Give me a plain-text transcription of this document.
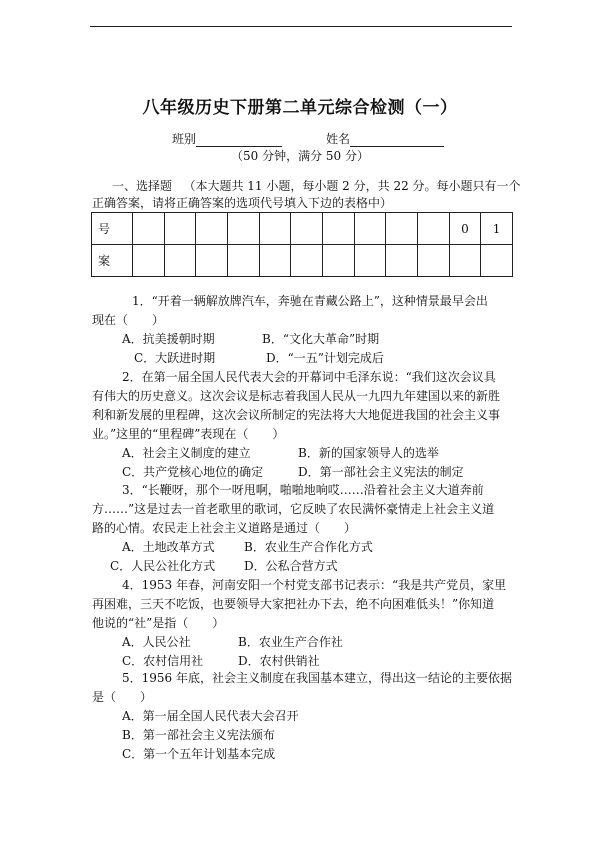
八年级历史下册第二单元综合检测（一）
班别	姓名
（50 分钟，满分 50 分）
一、选择题 （本大题共 11 小题，每小题 2 分，共 22 分。每小题只有一个正确答案，请将正确答案的选项代号填入下边的表格中）
号											0	1
案												

1．“开着一辆解放牌汽车，奔驰在青藏公路上”，这种情景最早会出

现在（　　）

A．抗美援朝时期	B．“文化大革命”时期

C．大跃进时期	D．“一五”计划完成后

2．在第一届全国人民代表大会的开幕词中毛泽东说：“我们这次会议具

有伟大的历史意义。这次会议是标志着我国人民从一九四九年建国以来的新胜

利和新发展的里程碑，这次会议所制定的宪法将大大地促进我国的社会主义事

业。”这里的“里程碑”表现在（　　）

A．社会主义制度的建立	B．新的国家领导人的选举

C．共产党核心地位的确定	D．第一部社会主义宪法的制定

3．“长鞭呀，那个一呀甩啊，啪啪地响哎……沿着社会主义大道奔前

方……”这是过去一首老歌里的歌词，它反映了农民满怀豪情走上社会主义道

路的心情。农民走上社会主义道路是通过（　　）

A．土地改革方式 B．农业生产合作化方式

C．人民公社化方式 D．公私合营方式

4．1953 年春，河南安阳一个村党支部书记表示：“我是共产党员，家里

再困难，三天不吃饭，也要领导大家把社办下去，绝不向困难低头！”你知道

他说的“社”是指（　　）

A．人民公社	B．农业生产合作社

C．农村信用社	D．农村供销社

5．1956 年底，社会主义制度在我国基本建立，得出这一结论的主要依据

是（　　）

A．第一届全国人民代表大会召开

B．第一部社会主义宪法颁布

C．第一个五年计划基本完成
